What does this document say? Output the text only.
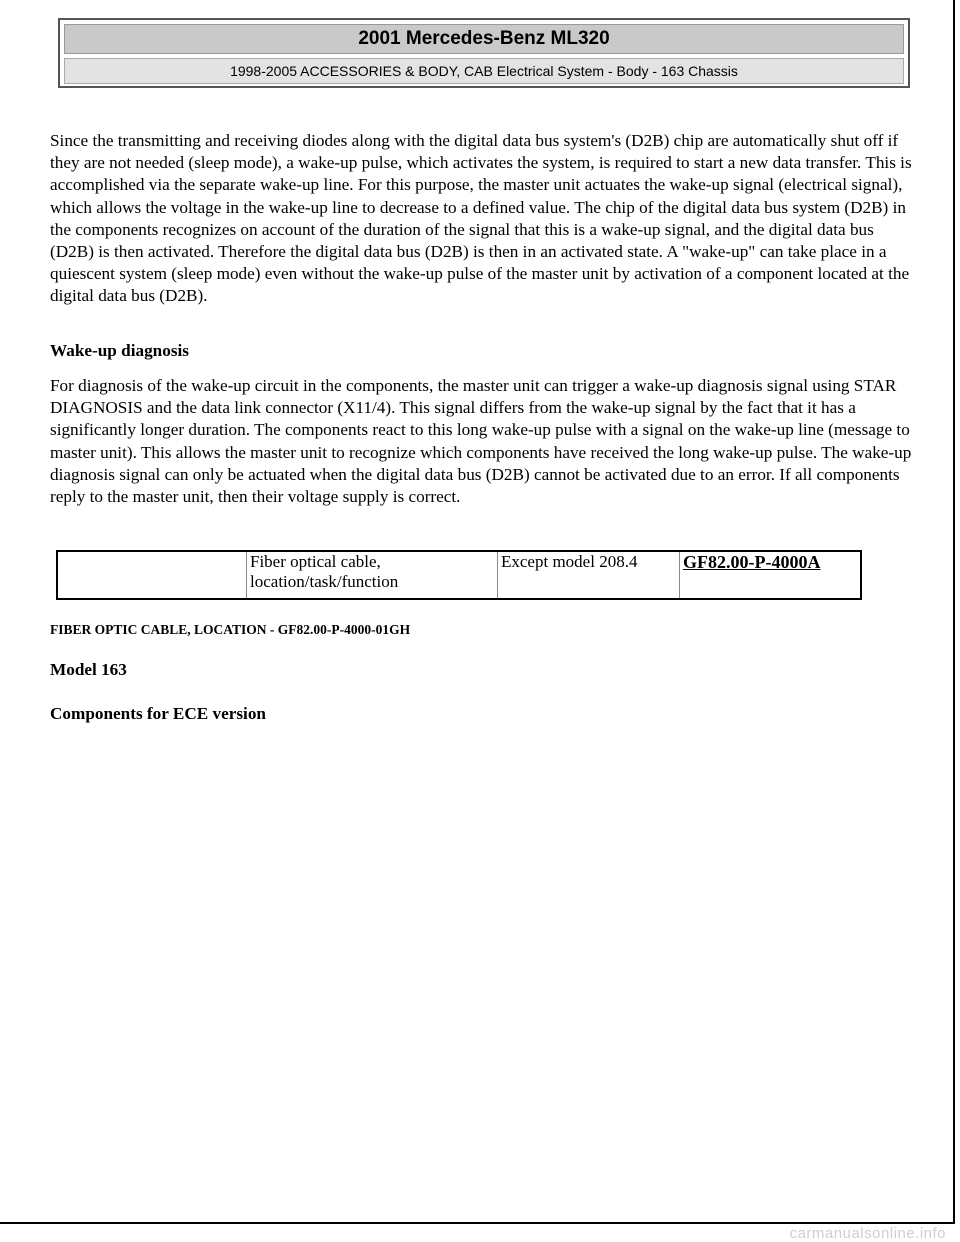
2001 Mercedes-Benz ML320
1998-2005 ACCESSORIES & BODY, CAB Electrical System - Body - 163 Chassis

Since the transmitting and receiving diodes along with the digital data bus system's (D2B) chip are automatically shut off if they are not needed (sleep mode), a wake-up pulse, which activates the system, is required to start a new data transfer. This is accomplished via the separate wake-up line. For this purpose, the master unit actuates the wake-up signal (electrical signal), which allows the voltage in the wake-up line to decrease to a defined value. The chip of the digital data bus system (D2B) in the components recognizes on account of the duration of the signal that this is a wake-up signal, and the digital data bus (D2B) is then activated. Therefore the digital data bus (D2B) is then in an activated state. A "wake-up" can take place in a quiescent system (sleep mode) even without the wake-up pulse of the master unit by activation of a component located at the digital data bus (D2B).

Wake-up diagnosis

For diagnosis of the wake-up circuit in the components, the master unit can trigger a wake-up diagnosis signal using STAR DIAGNOSIS and the data link connector (X11/4). This signal differs from the wake-up signal by the fact that it has a significantly longer duration. The components react to this long wake-up pulse with a signal on the wake-up line (message to master unit). This allows the master unit to recognize which components have received the long wake-up pulse. The wake-up diagnosis signal can only be actuated when the digital data bus (D2B) cannot be activated due to an error. If all components reply to the master unit, then their voltage supply is correct.

	Fiber optical cable, location/task/function	Except model 208.4	GF82.00-P-4000A

FIBER OPTIC CABLE, LOCATION - GF82.00-P-4000-01GH

Model 163

Components for ECE version

carmanualsonline.info
